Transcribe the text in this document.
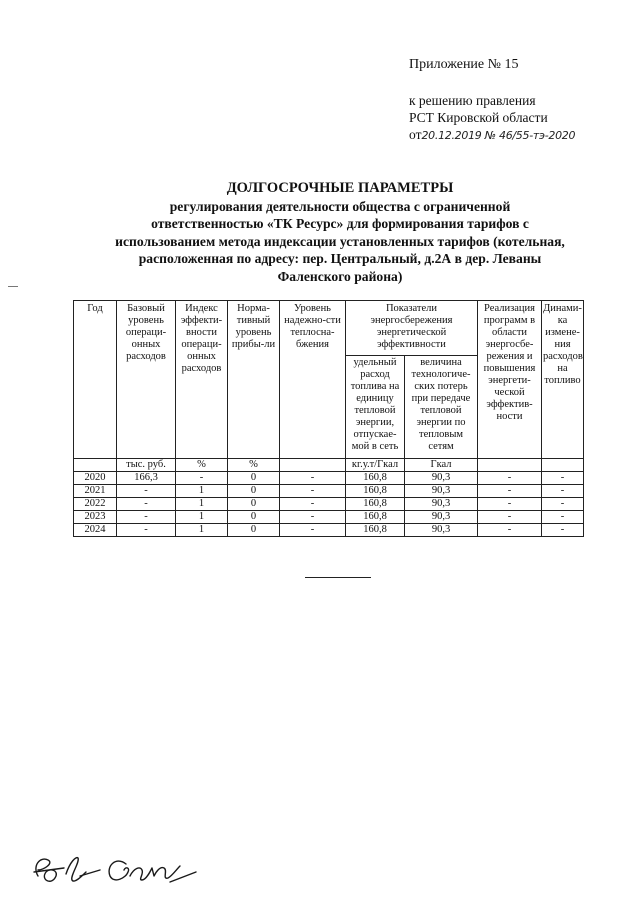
Приложение № 15
к решению правления
РСТ Кировской области
от20.12.2019 № 46/55-тэ-2020
ДОЛГОСРОЧНЫЕ ПАРАМЕТРЫ
регулирования деятельности общества с ограниченной
ответственностью «ТК Ресурс» для формирования тарифов с
использованием метода индексации установленных тарифов (котельная,
расположенная по адресу: пер. Центральный, д.2А в дер. Леваны
Фаленского района)
Год	Базовый уровень операци-онных расходов	Индекс эффекти-вности операци-онных расходов	Норма-тивный уровень прибы-ли	Уровень надежно-сти теплосна-бжения	Показатели энергосбережения энергетической эффективности		Реализация программ в области энергосбе-режения и повышения энергети-ческой эффектив-ности	Динами-ка измене-ния расходов на топливо
					удельный расход топлива на единицу тепловой энергии, отпускае-мой в сеть	величина технологиче-ских потерь при передаче тепловой энергии по тепловым сетям		
	тыс. руб.	%	%		кг.у.т/Гкал	Гкал		
2020	166,3	-	0	-	160,8	90,3	-	-
2021	-	1	0	-	160,8	90,3	-	-
2022	-	1	0	-	160,8	90,3	-	-
2023	-	1	0	-	160,8	90,3	-	-
2024	-	1	0	-	160,8	90,3	-	-
